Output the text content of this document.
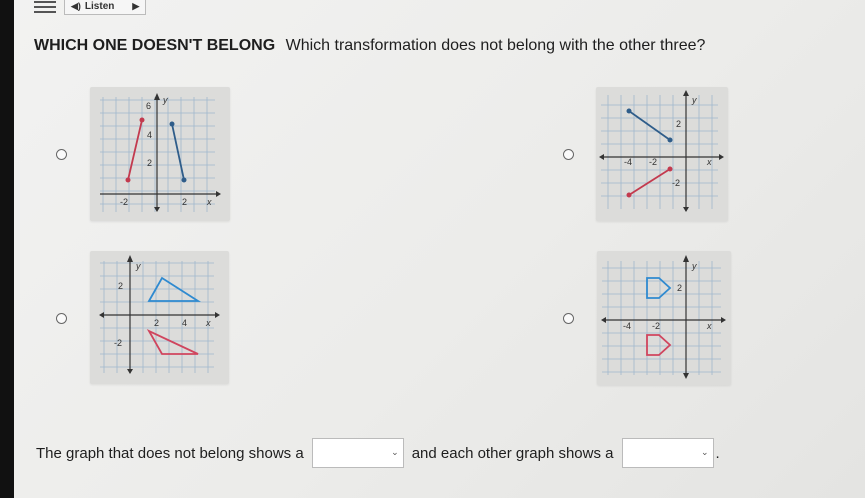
◀) Listen ▶
WHICH ONE DOESN'T BELONG Which transformation does not belong with the other three?
6
4
2
-2	2
y
x
y
2
-4 -2	x
-2
y
2
2	4 x
-2
y
2
-4 -2	x
The graph that does not belong shows a	⌄ and each other graph shows a	⌄ .
